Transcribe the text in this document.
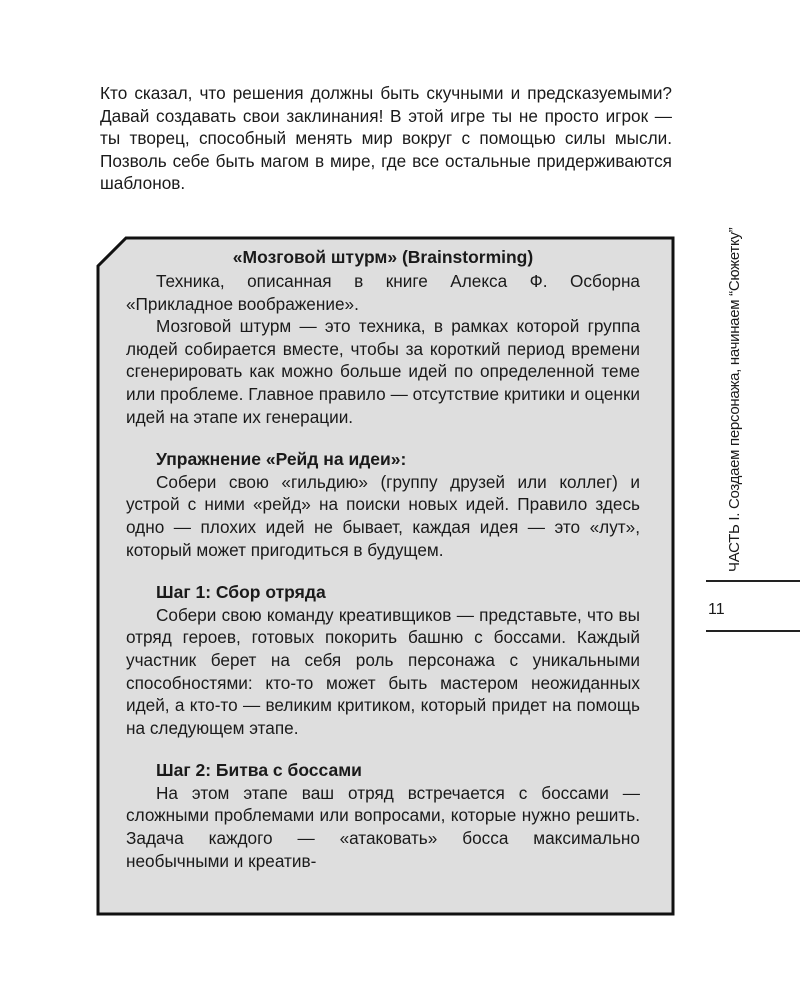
Кто сказал, что решения должны быть скучными и предсказуемыми? Давай создавать свои заклинания! В этой игре ты не просто игрок — ты творец, способный менять мир вокруг с помощью силы мысли. Позволь себе быть магом в мире, где все остальные придерживаются шаблонов.

«Мозговой штурм» (Brainstorming)

Техника, описанная в книге Алекса Ф. Осборна «Прикладное воображение».

Мозговой штурм — это техника, в рамках которой группа людей собирается вместе, чтобы за короткий период времени сгенерировать как можно больше идей по определенной теме или проблеме. Главное правило — отсутствие критики и оценки идей на этапе их генерации.

Упражнение «Рейд на идеи»:

Собери свою «гильдию» (группу друзей или коллег) и устрой с ними «рейд» на поиски новых идей. Правило здесь одно — плохих идей не бывает, каждая идея — это «лут», который может пригодиться в будущем.

Шаг 1: Сбор отряда

Собери свою команду креативщиков — представьте, что вы отряд героев, готовых покорить башню с боссами. Каждый участник берет на себя роль персонажа с уникальными способностями: кто-то может быть мастером неожиданных идей, а кто-то — великим критиком, который придет на помощь на следующем этапе.

Шаг 2: Битва с боссами

На этом этапе ваш отряд встречается с боссами — сложными проблемами или вопросами, которые нужно решить. Задача каждого — «атаковать» босса максимально необычными и креатив-

ЧАСТЬ I. Создаем персонажа, начинаем “Сюжетку”
11
